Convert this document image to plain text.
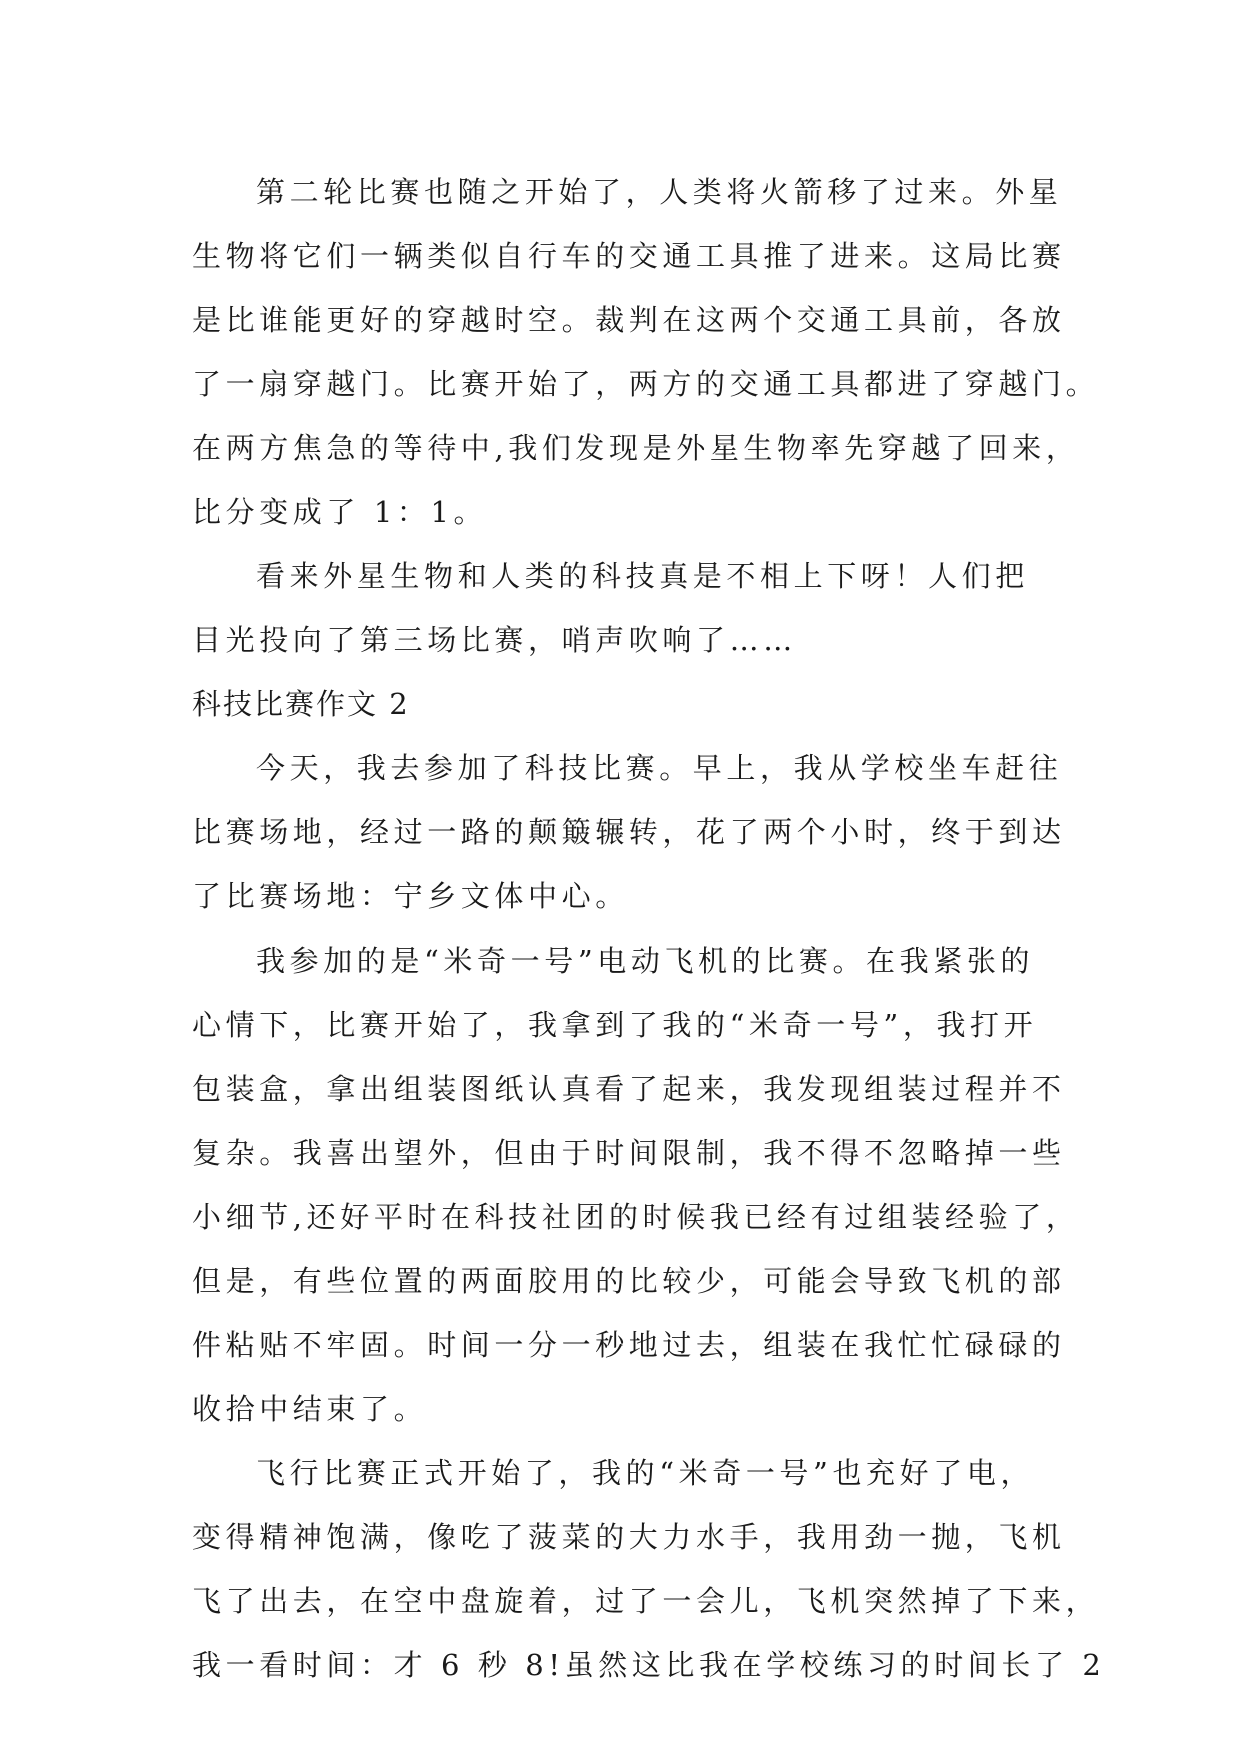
第二轮比赛也随之开始了，人类将火箭移了过来。外星
生物将它们一辆类似自行车的交通工具推了进来。这局比赛
是比谁能更好的穿越时空。裁判在这两个交通工具前，各放
了一扇穿越门。比赛开始了，两方的交通工具都进了穿越门。
在两方焦急的等待中,我们发现是外星生物率先穿越了回来，
比分变成了 1：1。
看来外星生物和人类的科技真是不相上下呀！人们把
目光投向了第三场比赛，哨声吹响了……
科技比赛作文 2
今天，我去参加了科技比赛。早上，我从学校坐车赶往
比赛场地，经过一路的颠簸辗转，花了两个小时，终于到达
了比赛场地：宁乡文体中心。
我参加的是“米奇一号”电动飞机的比赛。在我紧张的
心情下，比赛开始了，我拿到了我的“米奇一号”，我打开
包装盒，拿出组装图纸认真看了起来，我发现组装过程并不
复杂。我喜出望外，但由于时间限制，我不得不忽略掉一些
小细节,还好平时在科技社团的时候我已经有过组装经验了，
但是，有些位置的两面胶用的比较少，可能会导致飞机的部
件粘贴不牢固。时间一分一秒地过去，组装在我忙忙碌碌的
收拾中结束了。
飞行比赛正式开始了，我的“米奇一号”也充好了电，
变得精神饱满，像吃了菠菜的大力水手，我用劲一抛，飞机
飞了出去，在空中盘旋着，过了一会儿，飞机突然掉了下来，
我一看时间：才 6 秒 8!虽然这比我在学校练习的时间长了 2
